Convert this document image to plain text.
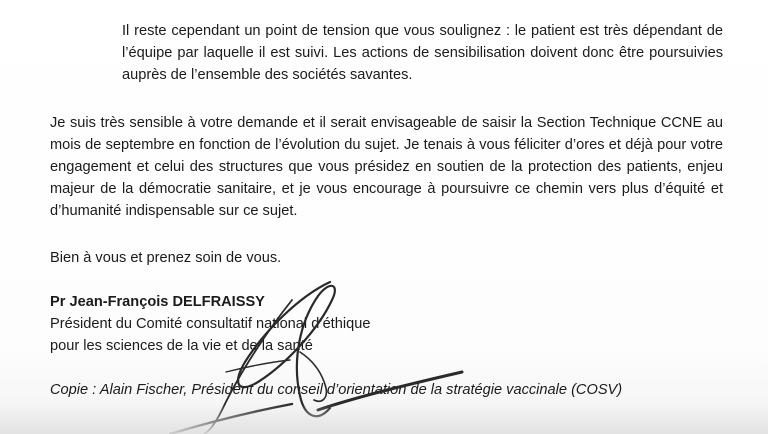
Il reste cependant un point de tension que vous soulignez : le patient est très dépendant de l’équipe par laquelle il est suivi. Les actions de sensibilisation doivent donc être poursuivies auprès de l’ensemble des sociétés savantes.

Je suis très sensible à votre demande et il serait envisageable de saisir la Section Technique CCNE au mois de septembre en fonction de l’évolution du sujet. Je tenais à vous féliciter d’ores et déjà pour votre engagement et celui des structures que vous présidez en soutien de la protection des patients, enjeu majeur de la démocratie sanitaire, et je vous encourage à poursuivre ce chemin vers plus d’équité et d’humanité indispensable sur ce sujet.

Bien à vous et prenez soin de vous.

Pr Jean-François DELFRAISSY
Président du Comité consultatif national d’éthique
pour les sciences de la vie et de la santé
Copie : Alain Fischer, Président du conseil d’orientation de la stratégie vaccinale (COSV)
